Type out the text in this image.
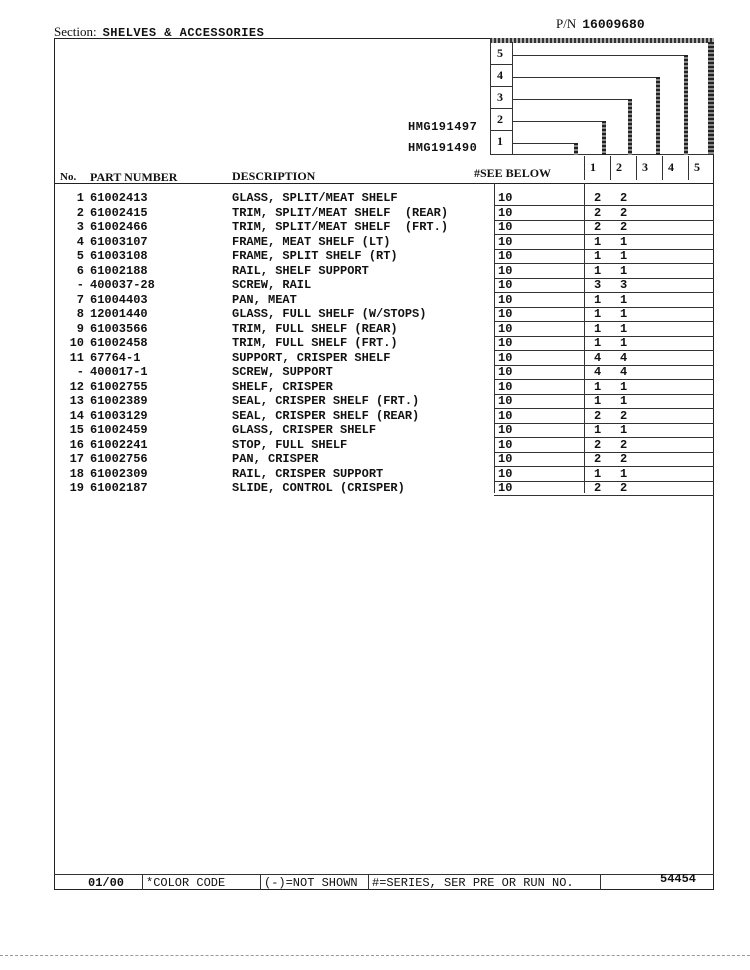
Section: SHELVES & ACCESSORIES
P/N 16009680
5
4
3
2
1
HMG191497
HMG191490
No. PART NUMBER	DESCRIPTION	#SEE BELOW	1 2 3 4 5
1 61002413	GLASS, SPLIT/MEAT SHELF	10	2 2
2 61002415	TRIM, SPLIT/MEAT SHELF  (REAR)	10	2 2
3 61002466	TRIM, SPLIT/MEAT SHELF  (FRT.)	10	2 2
4 61003107	FRAME, MEAT SHELF (LT)	10	1 1
5 61003108	FRAME, SPLIT SHELF (RT)	10	1 1
6 61002188	RAIL, SHELF SUPPORT	10	1 1
- 400037-28	SCREW, RAIL	10	3 3
7 61004403	PAN, MEAT	10	1 1
8 12001440	GLASS, FULL SHELF (W/STOPS)	10	1 1
9 61003566	TRIM, FULL SHELF (REAR)	10	1 1
10 61002458	TRIM, FULL SHELF (FRT.)	10	1 1
11 67764-1	SUPPORT, CRISPER SHELF	10	4 4
- 400017-1	SCREW, SUPPORT	10	4 4
12 61002755	SHELF, CRISPER	10	1 1
13 61002389	SEAL, CRISPER SHELF (FRT.)	10	1 1
14 61003129	SEAL, CRISPER SHELF (REAR)	10	2 2
15 61002459	GLASS, CRISPER SHELF	10	1 1
16 61002241	STOP, FULL SHELF	10	2 2
17 61002756	PAN, CRISPER	10	2 2
18 61002309	RAIL, CRISPER SUPPORT	10	1 1
19 61002187	SLIDE, CONTROL (CRISPER)	10	2 2
01/00 *COLOR CODE	(-)=NOT SHOWN #=SERIES, SER PRE OR RUN NO.	54454
